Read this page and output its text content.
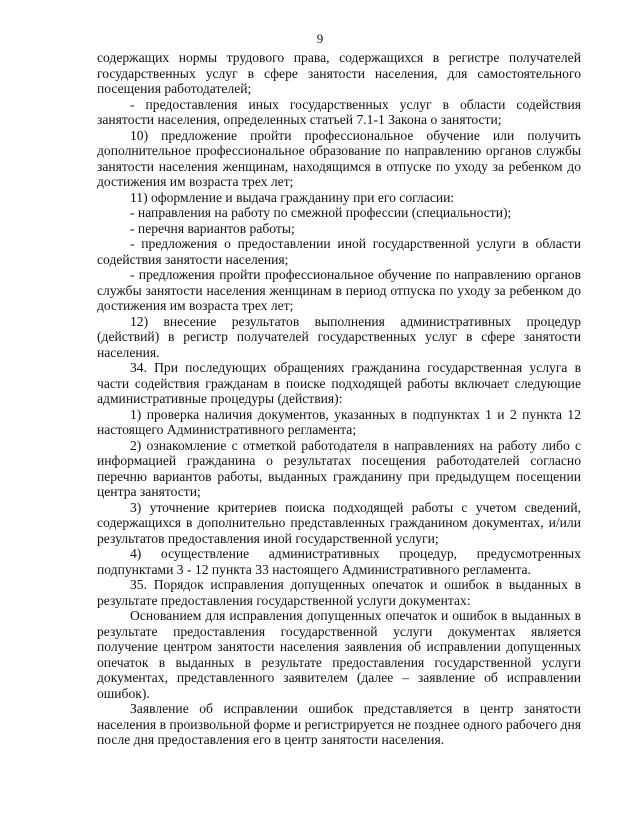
9

содержащих нормы трудового права, содержащихся в регистре получателей государственных услуг в сфере занятости населения, для самостоятельного посещения работодателей;

- предоставления иных государственных услуг в области содействия занятости населения, определенных статьей 7.1-1 Закона о занятости;

10) предложение пройти профессиональное обучение или получить дополнительное профессиональное образование по направлению органов службы занятости населения женщинам, находящимся в отпуске по уходу за ребенком до достижения им возраста трех лет;

11) оформление и выдача гражданину при его согласии:

- направления на работу по смежной профессии (специальности);

- перечня вариантов работы;

- предложения о предоставлении иной государственной услуги в области содействия занятости населения;

- предложения пройти профессиональное обучение по направлению органов службы занятости населения женщинам в период отпуска по уходу за ребенком до достижения им возраста трех лет;

12) внесение результатов выполнения административных процедур (действий) в регистр получателей государственных услуг в сфере занятости населения.

34. При последующих обращениях гражданина государственная услуга в части содействия гражданам в поиске подходящей работы включает следующие административные процедуры (действия):

1) проверка наличия документов, указанных в подпунктах 1 и 2 пункта 12 настоящего Административного регламента;

2) ознакомление с отметкой работодателя в направлениях на работу либо с информацией гражданина о результатах посещения работодателей согласно перечню вариантов работы, выданных гражданину при предыдущем посещении центра занятости;

3) уточнение критериев поиска подходящей работы с учетом сведений, содержащихся в дополнительно представленных гражданином документах, и/или результатов предоставления иной государственной услуги;

4) осуществление административных процедур, предусмотренных подпунктами 3 - 12 пункта 33 настоящего Административного регламента.

35. Порядок исправления допущенных опечаток и ошибок в выданных в результате предоставления государственной услуги документах:

Основанием для исправления допущенных опечаток и ошибок в выданных в результате предоставления государственной услуги документах является получение центром занятости населения заявления об исправлении допущенных опечаток в выданных в результате предоставления государственной услуги документах, представленного заявителем (далее – заявление об исправлении ошибок).

Заявление об исправлении ошибок представляется в центр занятости населения в произвольной форме и регистрируется не позднее одного рабочего дня после дня предоставления его в центр занятости населения.
